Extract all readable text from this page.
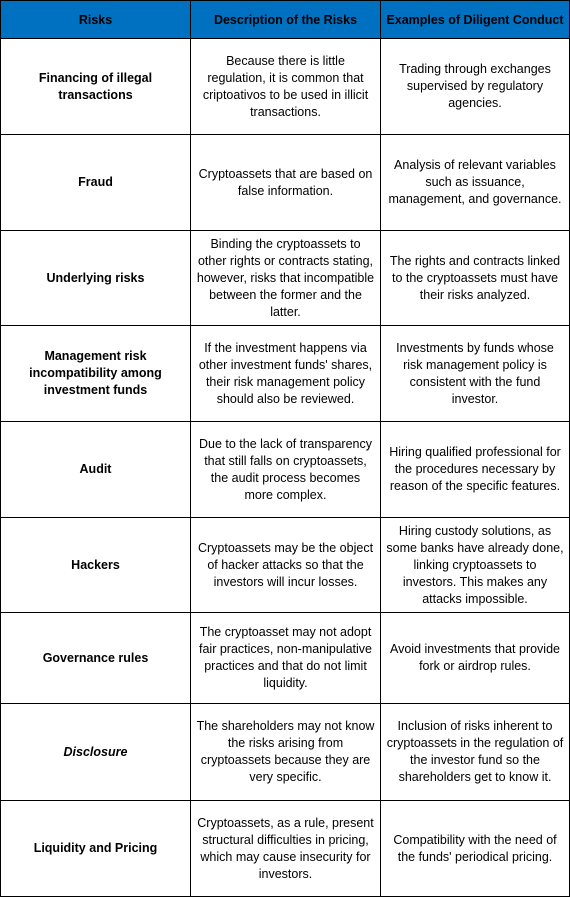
Risks	Description of the Risks	Examples of Diligent Conduct
Financing of illegal transactions	Because there is little regulation, it is common that criptoativos to be used in illicit transactions.	Trading through exchanges supervised by regulatory agencies.
Fraud	Cryptoassets that are based on false information.	Analysis of relevant variables such as issuance, management, and governance.
Underlying risks	Binding the cryptoassets to other rights or contracts stating, however, risks that incompatible between the former and the latter.	The rights and contracts linked to the cryptoassets must have their risks analyzed.
Management risk incompatibility among investment funds	If the investment happens via other investment funds' shares, their risk management policy should also be reviewed.	Investments by funds whose risk management policy is consistent with the fund investor.
Audit	Due to the lack of transparency that still falls on cryptoassets, the audit process becomes more complex.	Hiring qualified professional for the procedures necessary by reason of the specific features.
Hackers	Cryptoassets may be the object of hacker attacks so that the investors will incur losses.	Hiring custody solutions, as some banks have already done, linking cryptoassets to investors. This makes any attacks impossible.
Governance rules	The cryptoasset may not adopt fair practices, non-manipulative practices and that do not limit liquidity.	Avoid investments that provide fork or airdrop rules.
Disclosure	The shareholders may not know the risks arising from cryptoassets because they are very specific.	Inclusion of risks inherent to cryptoassets in the regulation of the investor fund so the shareholders get to know it.
Liquidity and Pricing	Cryptoassets, as a rule, present structural difficulties in pricing, which may cause insecurity for investors.	Compatibility with the need of the funds' periodical pricing.
